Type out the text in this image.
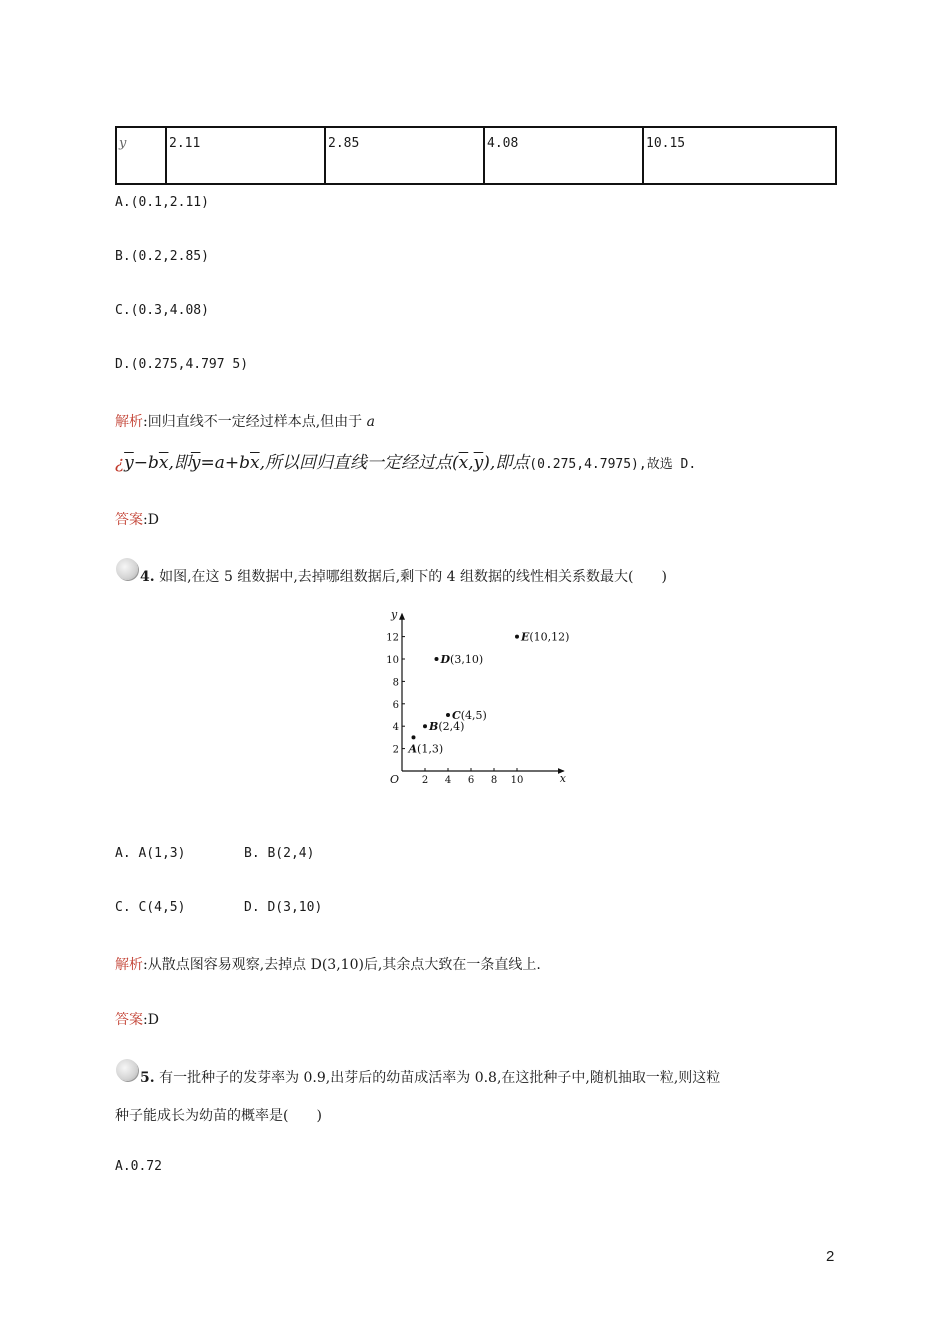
y	2.11	2.85	4.08	10.15
A.(0.1,2.11)
B.(0.2,2.85)
C.(0.3,4.08)
D.(0.275,4.797 5)
解析:回归直线不一定经过样本点,但由于 a
¿$\overline{y}-b\overline{x}$,即$\overline{y}=a+b\overline{x}$,所以回归直线一定经过点$(\overline{x},\overline{y})$,即点(0.275,4.7975),故选 D.
答案:D
4. 如图,在这 5 组数据中,去掉哪组数据后,剩下的 4 组数据的线性相关系数最大(　　)
x
y
O 2 4 6 8 10
2
4
6
8
10
12
A(1,3)
B(2,4)
C(4,5)
D(3,10)
E(10,12)
A. A(1,3)	B. B(2,4)
C. C(4,5)	D. D(3,10)
解析:从散点图容易观察,去掉点 D(3,10)后,其余点大致在一条直线上.
答案:D
5. 有一批种子的发芽率为 0.9,出芽后的幼苗成活率为 0.8,在这批种子中,随机抽取一粒,则这粒
种子能成长为幼苗的概率是(　　)
A.0.72
2
